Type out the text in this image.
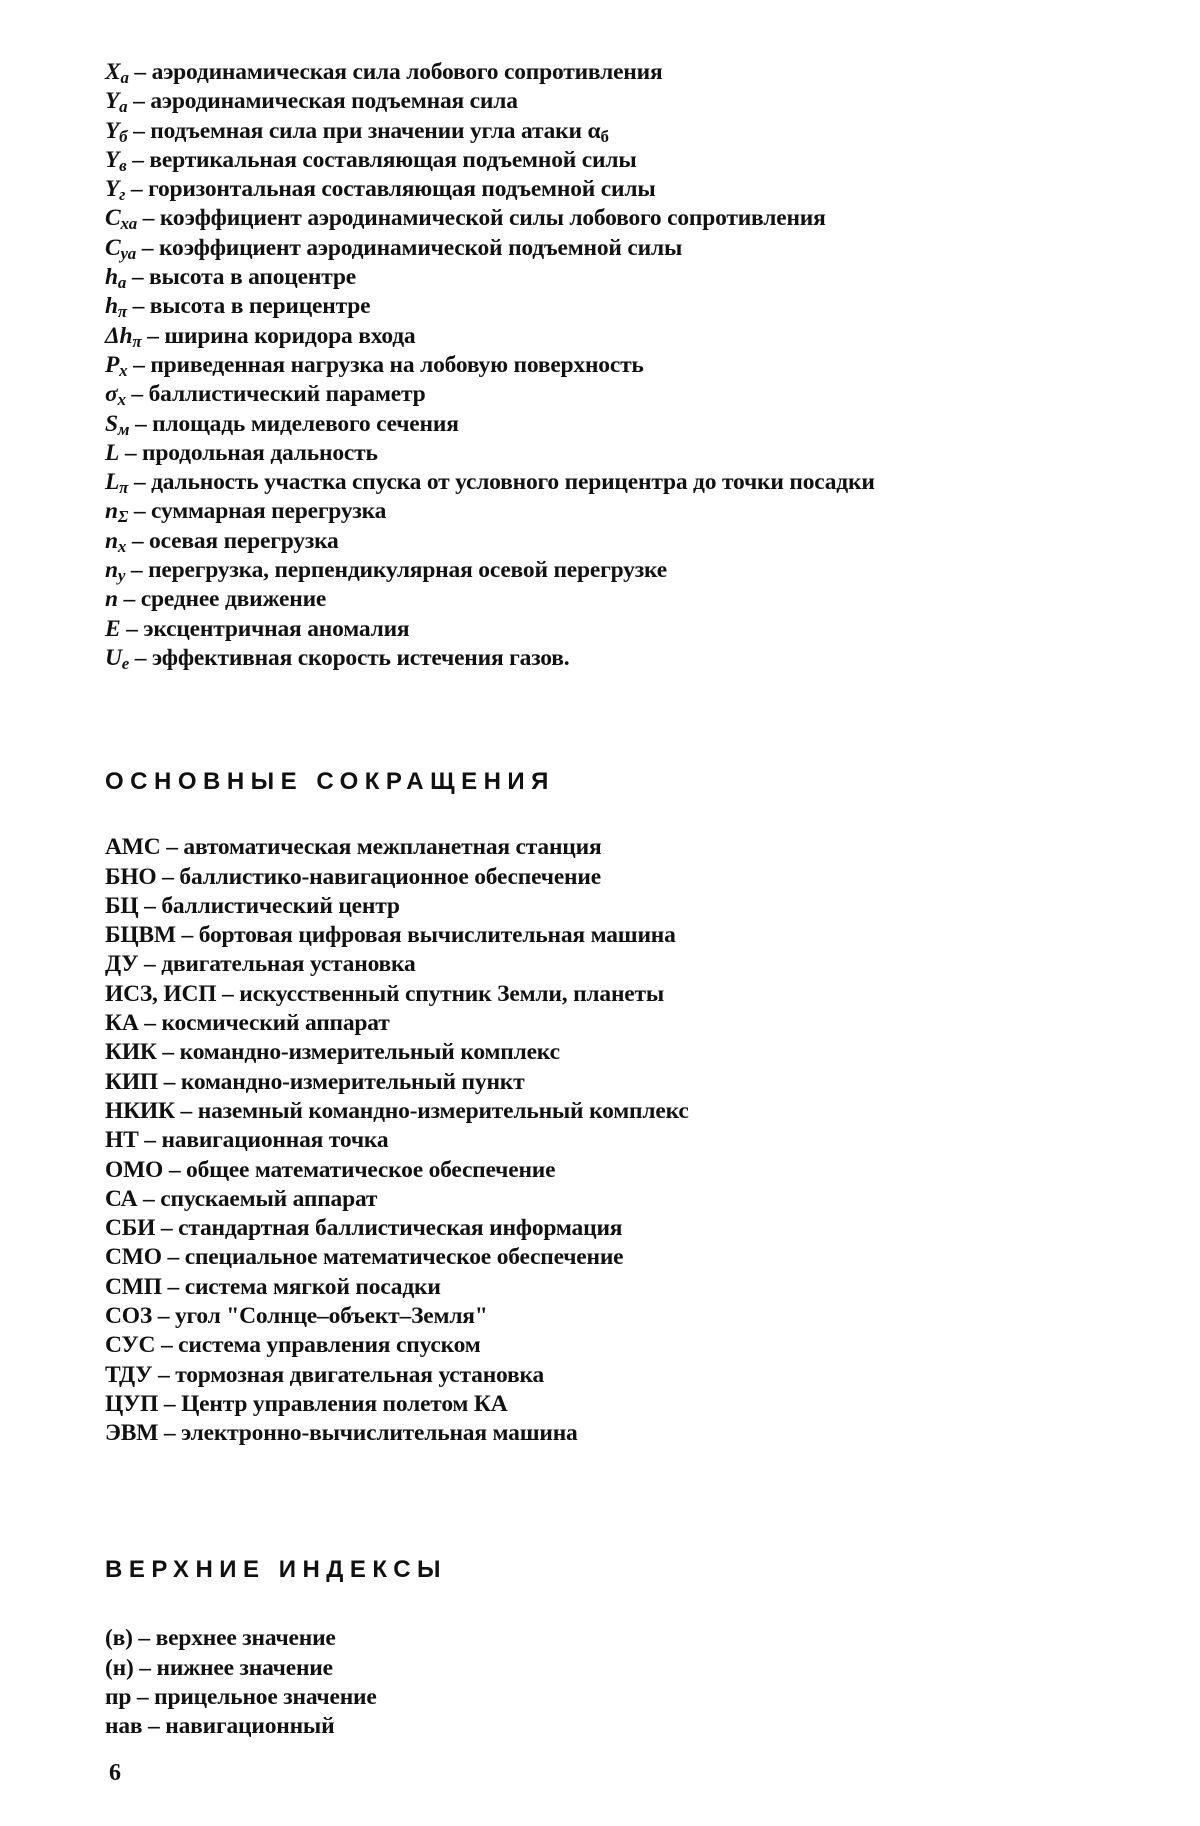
$X_a$ – аэродинамическая сила лобового сопротивления
$Y_a$ – аэродинамическая подъемная сила
$Y_б$ – подъемная сила при значении угла атаки $\alpha_б$
$Y_в$ – вертикальная составляющая подъемной силы
$Y_г$ – горизонтальная составляющая подъемной силы
$C_{xa}$ – коэффициент аэродинамической силы лобового сопротивления
$C_{ya}$ – коэффициент аэродинамической подъемной силы
$h_a$ – высота в апоцентре
$h_\pi$ – высота в перицентре
$\Delta h_\pi$ – ширина коридора входа
$P_x$ – приведенная нагрузка на лобовую поверхность
$\sigma_x$ – баллистический параметр
$S_м$ – площадь миделевого сечения
L – продольная дальность
$L_\pi$ – дальность участка спуска от условного перицентра до точки посадки
$n_\Sigma$ – суммарная перегрузка
$n_x$ – осевая перегрузка
$n_y$ – перегрузка, перпендикулярная осевой перегрузке
n – среднее движение
E – эксцентричная аномалия
$U_e$ – эффективная скорость истечения газов.
ОСНОВНЫЕ СОКРАЩЕНИЯ
АМС – автоматическая межпланетная станция
БНО – баллистико-навигационное обеспечение
БЦ – баллистический центр
БЦВМ – бортовая цифровая вычислительная машина
ДУ – двигательная установка
ИСЗ, ИСП – искусственный спутник Земли, планеты
КА – космический аппарат
КИК – командно-измерительный комплекс
КИП – командно-измерительный пункт
НКИК – наземный командно-измерительный комплекс
НТ – навигационная точка
ОМО – общее математическое обеспечение
СА – спускаемый аппарат
СБИ – стандартная баллистическая информация
СМО – специальное математическое обеспечение
СМП – система мягкой посадки
СОЗ – угол "Солнце–объект–Земля"
СУС – система управления спуском
ТДУ – тормозная двигательная установка
ЦУП – Центр управления полетом КА
ЭВМ – электронно-вычислительная машина
ВЕРХНИЕ ИНДЕКСЫ
(в) – верхнее значение
(н) – нижнее значение
пр – прицельное значение
нав – навигационный
6
